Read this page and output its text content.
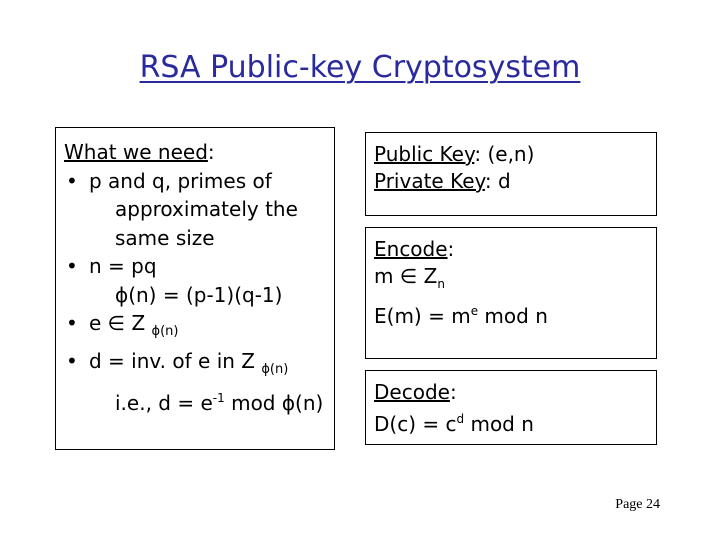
RSA Public-key Cryptosystem
What we need:
• p and q, primes of
approximately the
same size
• n = pq
ϕ(n) = (p-1)(q-1)
• e ∈ Z $_{\phi(n)}$
• d = inv. of e in Z $_{\phi(n)}$
i.e., $d = e^{-1}$ mod ϕ(n)
Public Key: (e,n)
Private Key: d
Encode:
m ∈ $Z_n$
$E(m) = m^e$ mod n
Decode:
$D(c) = c^d$ mod n
Page 24
